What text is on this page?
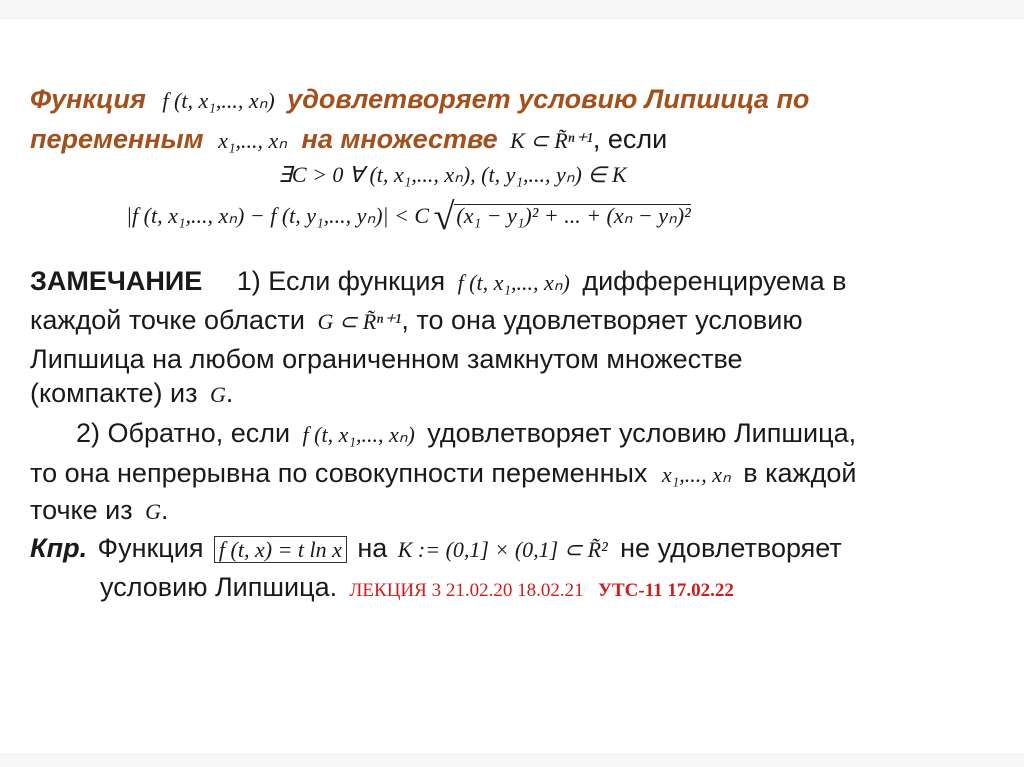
Функция f (t, x₁,..., xₙ) удовлетворяет условию Липшица по
переменным x₁,..., xₙ на множестве K ⊂ R̃ⁿ⁺¹, если
∃C > 0 ∀ (t, x₁,..., xₙ), (t, y₁,..., yₙ) ∈ K
|f (t, x₁,..., xₙ) − f (t, y₁,..., yₙ)| < C √(x₁ − y₁)² + ... + (xₙ − yₙ)²
ЗАМЕЧАНИЕ 1) Если функция f (t, x₁,..., xₙ) дифференцируема в
каждой точке области G ⊂ R̃ⁿ⁺¹, то она удовлетворяет условию
Липшица на любом ограниченном замкнутом множестве
(компакте) из G.
2) Обратно, если f (t, x₁,..., xₙ) удовлетворяет условию Липшица,
то она непрерывна по совокупности переменных x₁,..., xₙ в каждой
точке из G.
Кпр. Функция f (t, x) = t ln x на K := (0,1] × (0,1] ⊂ R̃² не удовлетворяет
условию Липшица. ЛЕКЦИЯ 3 21.02.20 18.02.21 УТС-11 17.02.22
